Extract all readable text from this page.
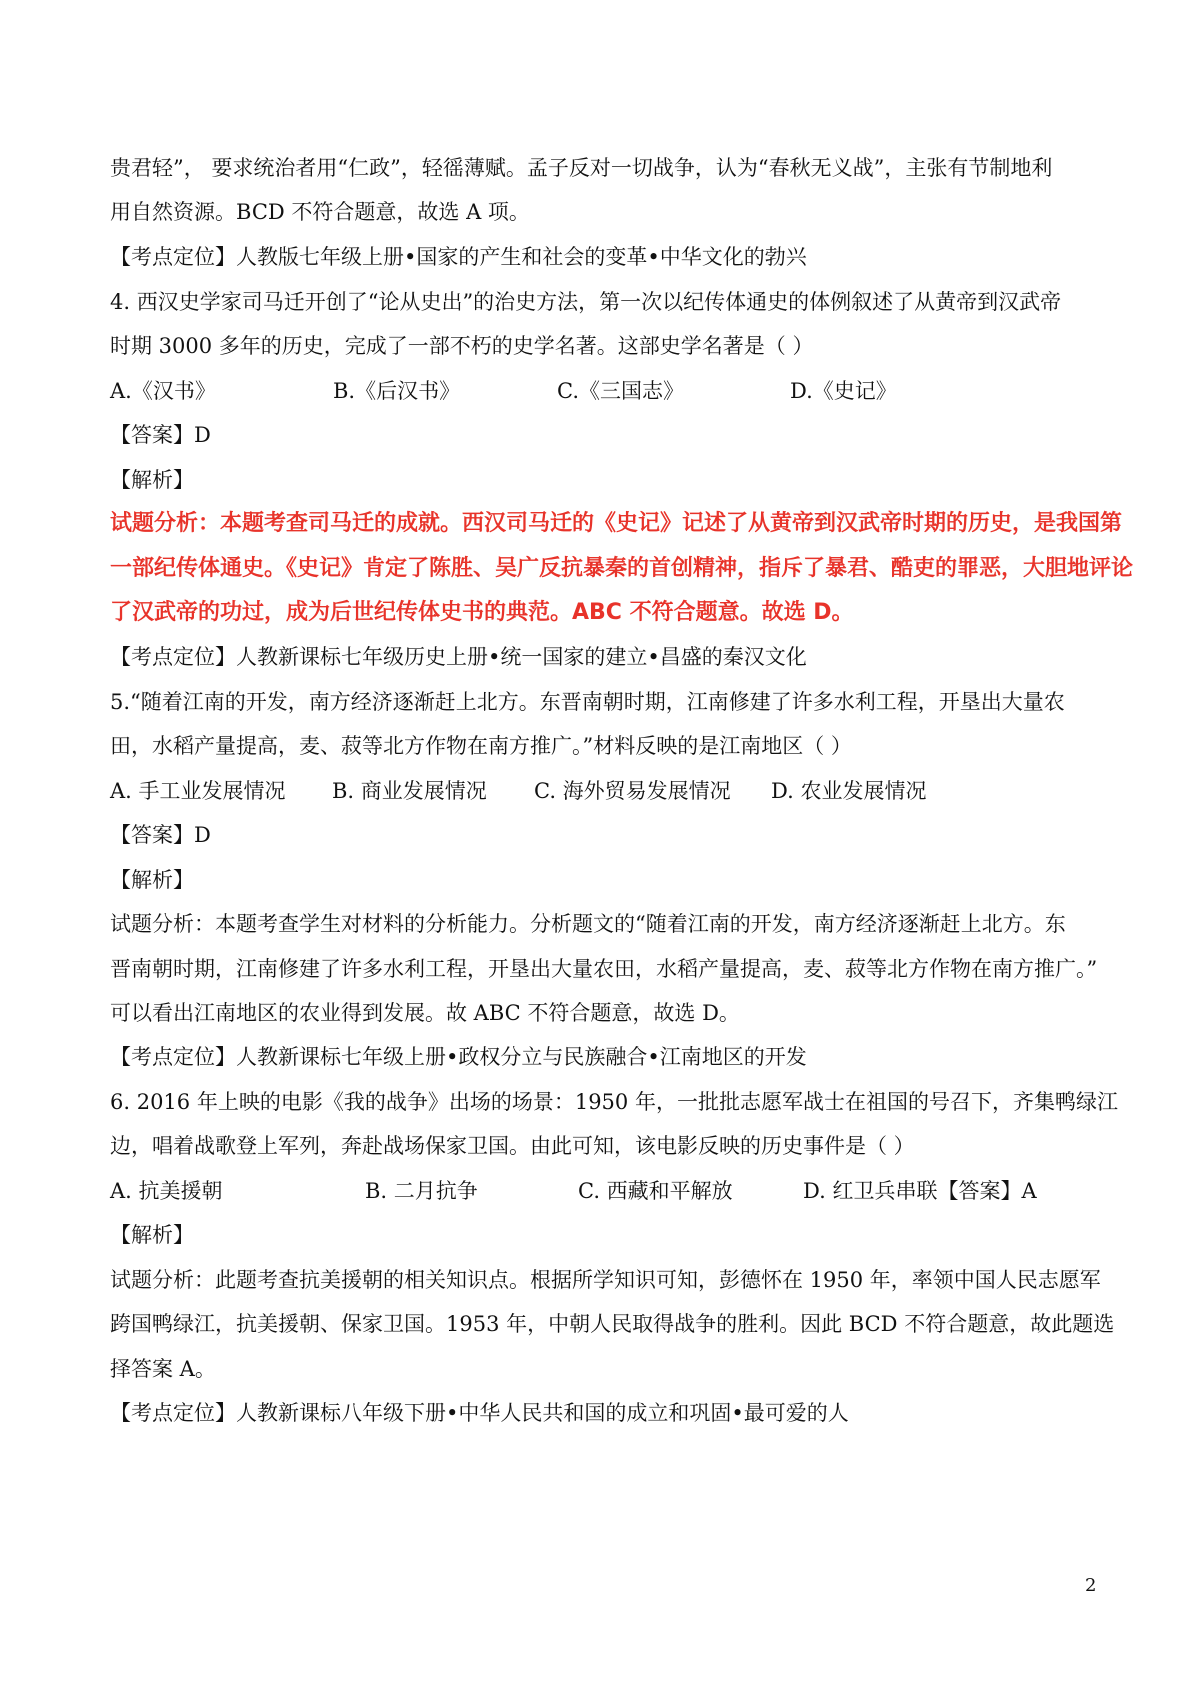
贵君轻”， 要求统治者用“仁政”，轻徭薄赋。孟子反对一切战争，认为“春秋无义战”，主张有节制地利
用自然资源。BCD 不符合题意，故选 A 项。
【考点定位】人教版七年级上册•国家的产生和社会的变革•中华文化的勃兴
4. 西汉史学家司马迁开创了“论从史出”的治史方法，第一次以纪传体通史的体例叙述了从黄帝到汉武帝
时期 3000 多年的历史，完成了一部不朽的史学名著。这部史学名著是（ ）
A.《汉书》	B.《后汉书》	C.《三国志》	D.《史记》
【答案】D
【解析】
试题分析：本题考查司马迁的成就。西汉司马迁的《史记》记述了从黄帝到汉武帝时期的历史，是我国第
一部纪传体通史。《史记》肯定了陈胜、吴广反抗暴秦的首创精神，指斥了暴君、酷吏的罪恶，大胆地评论
了汉武帝的功过，成为后世纪传体史书的典范。ABC 不符合题意。故选 D。
【考点定位】人教新课标七年级历史上册•统一国家的建立•昌盛的秦汉文化
5.“随着江南的开发，南方经济逐渐赶上北方。东晋南朝时期，江南修建了许多水利工程，开垦出大量农
田，水稻产量提高，麦、菽等北方作物在南方推广。”材料反映的是江南地区（ ）
A. 手工业发展情况 B. 商业发展情况 C. 海外贸易发展情况 D. 农业发展情况
【答案】D
【解析】
试题分析：本题考查学生对材料的分析能力。分析题文的“随着江南的开发，南方经济逐渐赶上北方。东
晋南朝时期，江南修建了许多水利工程，开垦出大量农田，水稻产量提高，麦、菽等北方作物在南方推广。”
可以看出江南地区的农业得到发展。故 ABC 不符合题意，故选 D。
【考点定位】人教新课标七年级上册•政权分立与民族融合•江南地区的开发
6. 2016 年上映的电影《我的战争》出场的场景：1950 年，一批批志愿军战士在祖国的号召下，齐集鸭绿江
边，唱着战歌登上军列，奔赴战场保家卫国。由此可知，该电影反映的历史事件是（ ）
A. 抗美援朝	B. 二月抗争	C. 西藏和平解放	D. 红卫兵串联【答案】A
【解析】
试题分析：此题考查抗美援朝的相关知识点。根据所学知识可知，彭德怀在 1950 年，率领中国人民志愿军
跨国鸭绿江，抗美援朝、保家卫国。1953 年，中朝人民取得战争的胜利。因此 BCD 不符合题意，故此题选
择答案 A。
【考点定位】人教新课标八年级下册•中华人民共和国的成立和巩固•最可爱的人
2
